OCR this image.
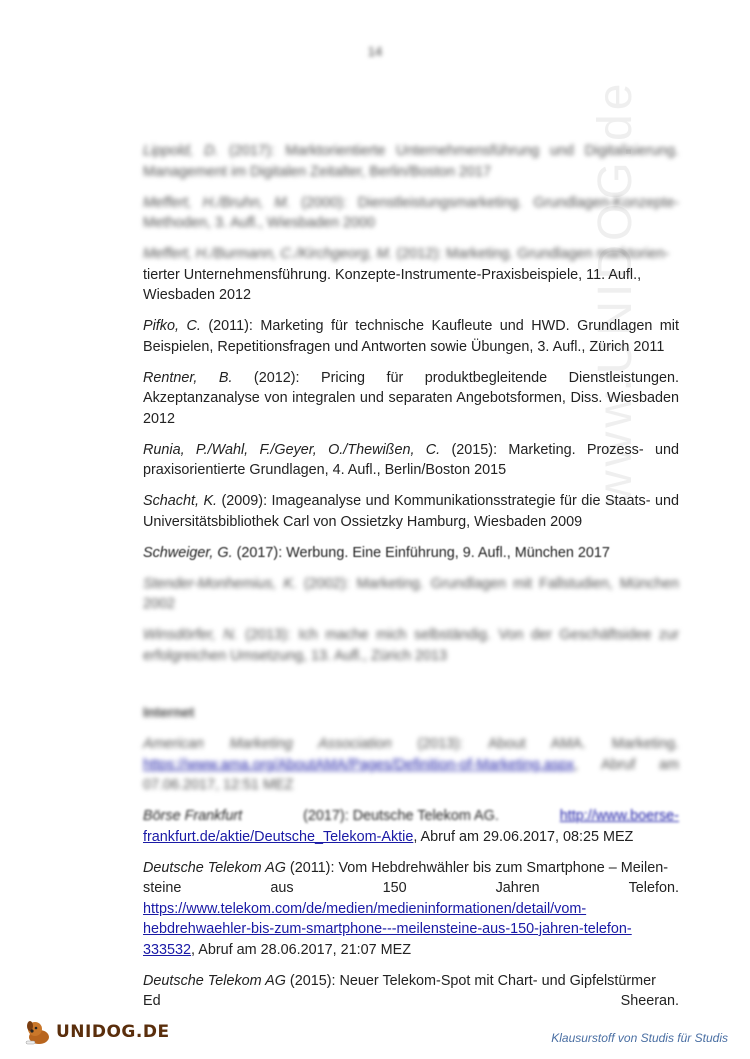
14
www.UNIDOG.de

Lippold, D. (2017): Marktorientierte Unternehmensführung und Digitalisierung. Management im Digitalen Zeitalter, Berlin/Boston 2017

Meffert, H./Bruhn, M. (2000): Dienstleistungsmarketing. Grundlagen-Konzepte-Methoden, 3. Aufl., Wiesbaden 2000

Meffert, H./Burmann, C./Kirchgeorg, M. (2012): Marketing. Grundlagen marktorien-
tierter Unternehmensführung. Konzepte-Instrumente-Praxisbeispiele, 11. Aufl.,
Wiesbaden 2012

Pifko, C. (2011): Marketing für technische Kaufleute und HWD. Grundlagen mit Beispielen, Repetitionsfragen und Antworten sowie Übungen, 3. Aufl., Zürich 2011

Rentner, B. (2012): Pricing für produktbegleitende Dienstleistungen. Akzeptanzanalyse von integralen und separaten Angebotsformen, Diss. Wiesbaden 2012

Runia, P./Wahl, F./Geyer, O./Thewißen, C. (2015): Marketing. Prozess- und praxisorientierte Grundlagen, 4. Aufl., Berlin/Boston 2015

Schacht, K. (2009): Imageanalyse und Kommunikationsstrategie für die Staats- und Universitätsbibliothek Carl von Ossietzky Hamburg, Wiesbaden 2009

Schweiger, G. (2017): Werbung. Eine Einführung, 9. Aufl., München 2017

Stender-Monhemius, K. (2002): Marketing. Grundlagen mit Fallstudien, München 2002

Winsdörfer, N. (2013): Ich mache mich selbständig. Von der Geschäftsidee zur erfolgreichen Umsetzung, 13. Aufl., Zürich 2013

Internet

American Marketing Association (2013): About AMA. Marketing. https://www.ama.org/AboutAMA/Pages/Definition-of-Marketing.aspx, Abruf am 07.06.2017, 12:51 MEZ

Börse Frankfurt	(2017): Deutsche Telekom AG.	http://www.boerse-
frankfurt.de/aktie/Deutsche_Telekom-Aktie, Abruf am 29.06.2017, 08:25 MEZ

Deutsche Telekom AG (2011): Vom Hebdrehwähler bis zum Smartphone – Meilen-
steine	aus	150	Jahren	Telefon.
https://www.telekom.com/de/medien/medieninformationen/detail/vom-
hebdrehwaehler-bis-zum-smartphone---meilensteine-aus-150-jahren-telefon-
333532, Abruf am 28.06.2017, 21:07 MEZ

Deutsche Telekom AG (2015): Neuer Telekom-Spot mit Chart- und Gipfelstürmer
Ed	Sheeran.

UNIDOG.DE	Klausurstoff von Studis für Studis
